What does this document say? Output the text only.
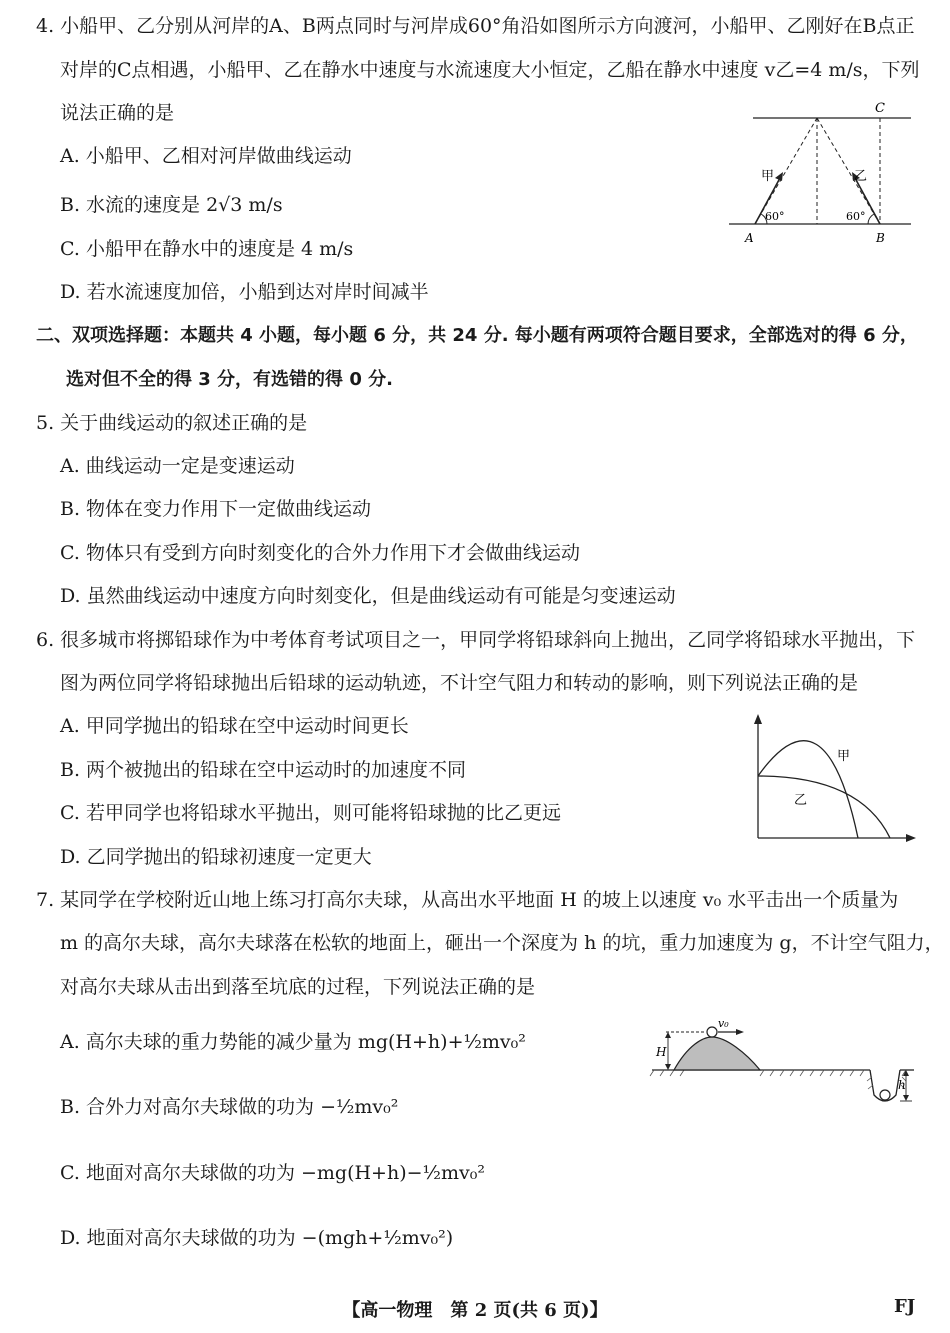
4. 小船甲、乙分别从河岸的A、B两点同时与河岸成60°角沿如图所示方向渡河，小船甲、乙刚好在B点正
对岸的C点相遇，小船甲、乙在静水中速度与水流速度大小恒定，乙船在静水中速度 v乙=4 m/s，下列
说法正确的是
A. 小船甲、乙相对河岸做曲线运动
B. 水流的速度是 2√3 m/s
C. 小船甲在静水中的速度是 4 m/s
D. 若水流速度加倍，小船到达对岸时间减半
C
A	B
甲	乙
60°	60°
二、双项选择题：本题共 4 小题，每小题 6 分，共 24 分. 每小题有两项符合题目要求，全部选对的得 6 分，
选对但不全的得 3 分，有选错的得 0 分.
5. 关于曲线运动的叙述正确的是
A. 曲线运动一定是变速运动
B. 物体在变力作用下一定做曲线运动
C. 物体只有受到方向时刻变化的合外力作用下才会做曲线运动
D. 虽然曲线运动中速度方向时刻变化，但是曲线运动有可能是匀变速运动
6. 很多城市将掷铅球作为中考体育考试项目之一，甲同学将铅球斜向上抛出，乙同学将铅球水平抛出，下
图为两位同学将铅球抛出后铅球的运动轨迹，不计空气阻力和转动的影响，则下列说法正确的是
A. 甲同学抛出的铅球在空中运动时间更长
B. 两个被抛出的铅球在空中运动时的加速度不同
C. 若甲同学也将铅球水平抛出，则可能将铅球抛的比乙更远
D. 乙同学抛出的铅球初速度一定更大
甲
乙
7. 某同学在学校附近山地上练习打高尔夫球，从高出水平地面 H 的坡上以速度 v₀ 水平击出一个质量为
m 的高尔夫球，高尔夫球落在松软的地面上，砸出一个深度为 h 的坑，重力加速度为 g，不计空气阻力，
对高尔夫球从击出到落至坑底的过程，下列说法正确的是
A. 高尔夫球的重力势能的减少量为 mg(H+h)+½mv₀²
B. 合外力对高尔夫球做的功为 −½mv₀²
C. 地面对高尔夫球做的功为 −mg(H+h)−½mv₀²
D. 地面对高尔夫球做的功为 −(mgh+½mv₀²)
v₀
H
h
【高一物理　第 2 页(共 6 页)】	FJ
